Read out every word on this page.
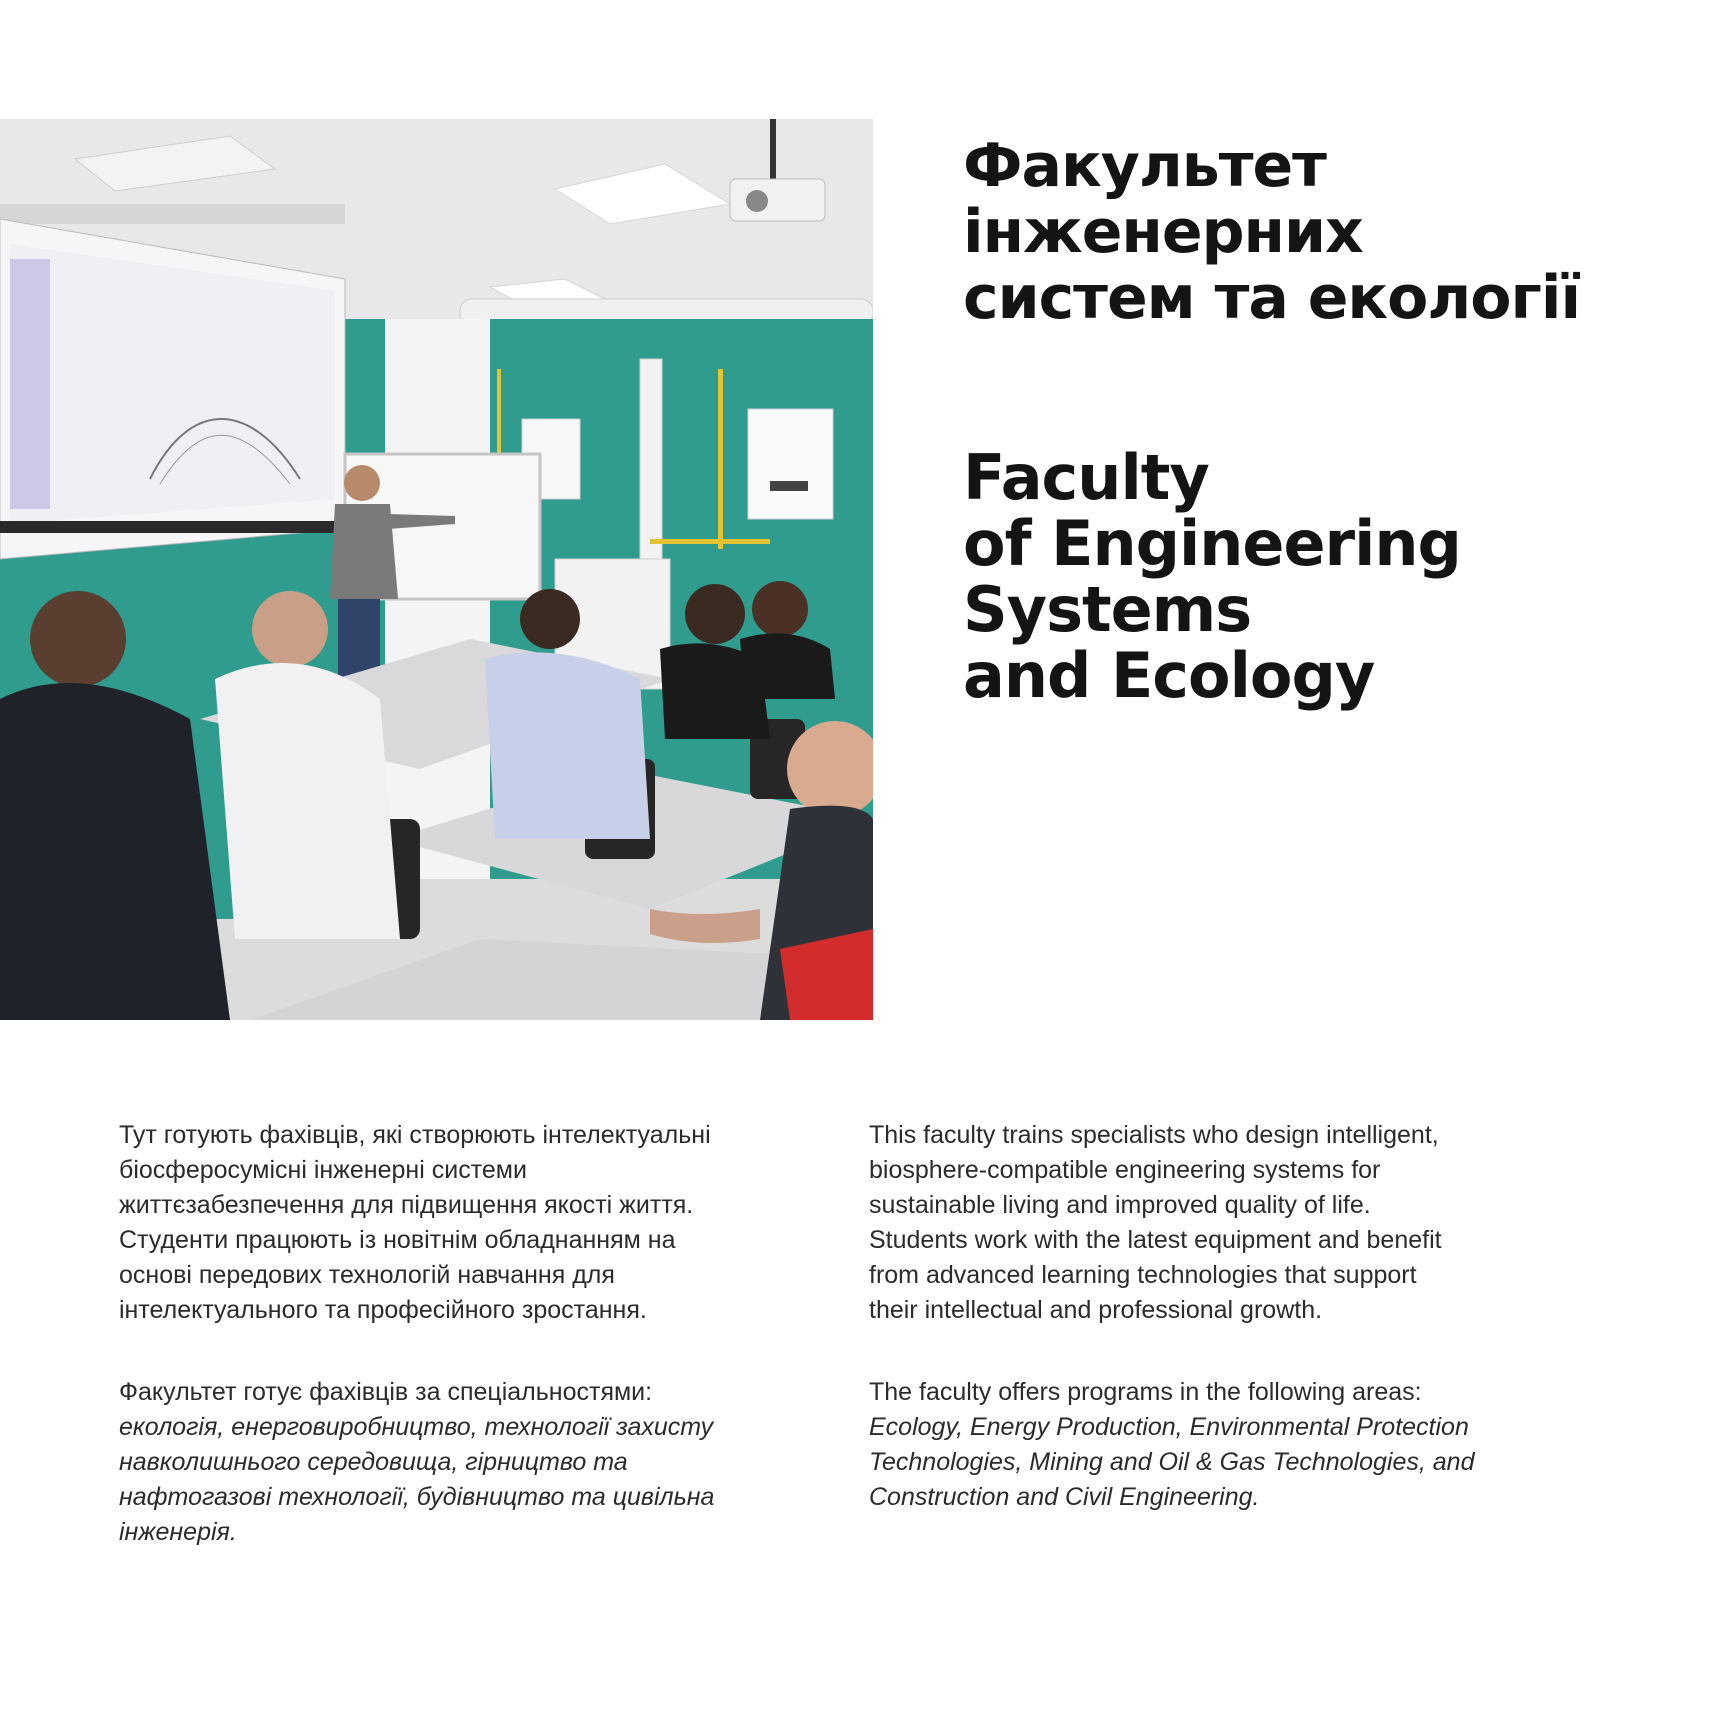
Факультет
інженерних
систем та екології
Faculty
of Engineering
Systems
and Ecology

Тут готують фахівців, які створюють інтелектуальні
біосферосумісні інженерні системи
життєзабезпечення для підвищення якості життя.
Студенти працюють із новітнім обладнанням на
основі передових технологій навчання для
інтелектуального та професійного зростання.

Факультет готує фахівців за спеціальностями:
екологія, енерговиробництво, технології захисту
навколишнього середовища, гірництво та
нафтогазові технології, будівництво та цивільна
інженерія.

This faculty trains specialists who design intelligent,
biosphere-compatible engineering systems for
sustainable living and improved quality of life.
Students work with the latest equipment and benefit
from advanced learning technologies that support
their intellectual and professional growth.

The faculty offers programs in the following areas:
Ecology, Energy Production, Environmental Protection
Technologies, Mining and Oil & Gas Technologies, and
Construction and Civil Engineering.
